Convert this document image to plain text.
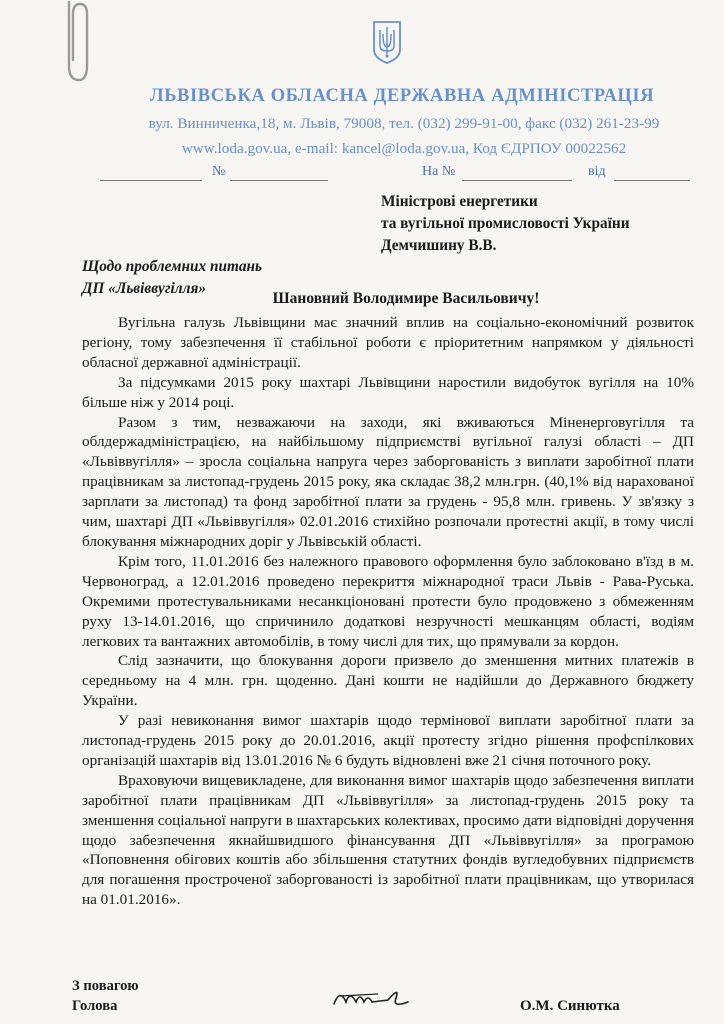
ЛЬВІВСЬКА ОБЛАСНА ДЕРЖАВНА АДМІНІСТРАЦІЯ
вул. Винниченка,18, м. Львів, 79008, тел. (032) 299-91-00, факс (032) 261-23-99
www.loda.gov.ua, e-mail: kancel@loda.gov.ua, Код ЄДРПОУ 00022562
№	На №	від
Міністрові енергетики
та вугільної промисловості України
Демчишину В.В.
Щодо проблемних питань
ДП «Львіввугілля»
Шановний Володимире Васильовичу!

Вугільна галузь Львівщини має значний вплив на соціально-економічний розвиток регіону, тому забезпечення її стабільної роботи є пріоритетним напрямком у діяльності обласної державної адміністрації.

За підсумками 2015 року шахтарі Львівщини наростили видобуток вугілля на 10% більше ніж у 2014 році.

Разом з тим, незважаючи на заходи, які вживаються Міненерговугілля та облдержадміністрацією, на найбільшому підприємстві вугільної галузі області – ДП «Львіввугілля» – зросла соціальна напруга через заборгованість з виплати заробітної плати працівникам за листопад-грудень 2015 року, яка складає 38,2 млн.грн. (40,1% від нарахованої зарплати за листопад) та фонд заробітної плати за грудень - 95,8 млн. гривень. У зв'язку з чим, шахтарі ДП «Львіввугілля» 02.01.2016 стихійно розпочали протестні акції, в тому числі блокування міжнародних доріг у Львівській області.

Крім того, 11.01.2016 без належного правового оформлення було заблоковано в'їзд в м. Червоноград, а 12.01.2016 проведено перекриття міжнародної траси Львів - Рава-Руська. Окремими протестувальниками несанкціоновані протести було продовжено з обмеженням руху 13-14.01.2016, що спричинило додаткові незручності мешканцям області, водіям легкових та вантажних автомобілів, в тому числі для тих, що прямували за кордон.

Слід зазначити, що блокування дороги призвело до зменшення митних платежів в середньому на 4 млн. грн. щоденно. Дані кошти не надійшли до Державного бюджету України.

У разі невиконання вимог шахтарів щодо термінової виплати заробітної плати за листопад-грудень 2015 року до 20.01.2016, акції протесту згідно рішення профспілкових організацій шахтарів від 13.01.2016 № 6 будуть відновлені вже 21 січня поточного року.

Враховуючи вищевикладене, для виконання вимог шахтарів щодо забезпечення виплати заробітної плати працівникам ДП «Львіввугілля» за листопад-грудень 2015 року та зменшення соціальної напруги в шахтарських колективах, просимо дати відповідні доручення щодо забезпечення якнайшвидшого фінансування ДП «Львіввугілля» за програмою «Поповнення обігових коштів або збільшення статутних фондів вугледобувних підприємств для погашення простроченої заборгованості із заробітної плати працівникам, що утворилася на 01.01.2016».

З повагою
Голова	О.М. Синютка
